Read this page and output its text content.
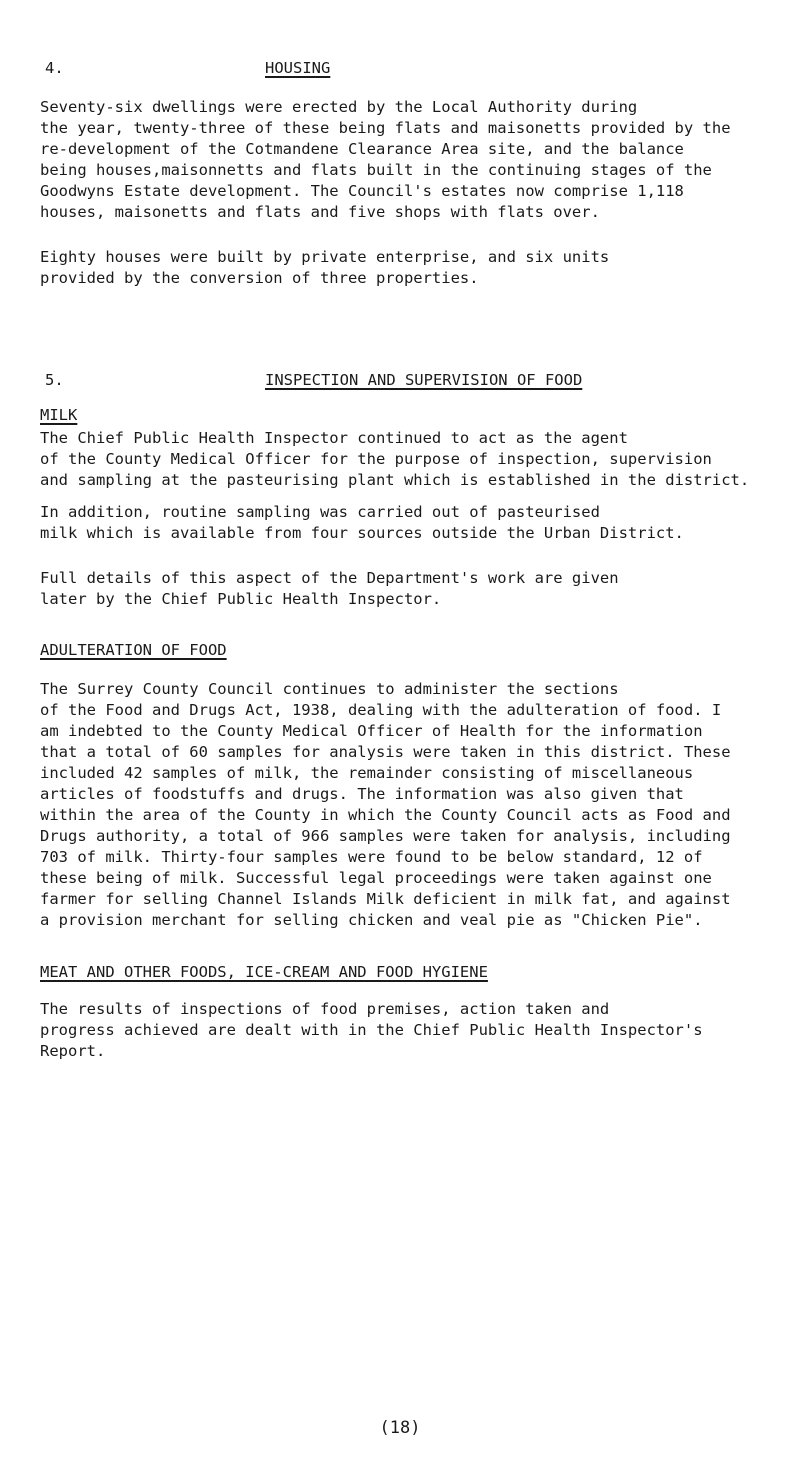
4.	HOUSING

Seventy-six dwellings were erected by the Local Authority during
the year, twenty-three of these being flats and maisonetts provided by the
re-development of the Cotmandene Clearance Area site, and the balance
being houses,maisonnetts and flats built in the continuing stages of the
Goodwyns Estate development. The Council's estates now comprise 1,118
houses, maisonetts and flats and five shops with flats over.

Eighty houses were built by private enterprise, and six units
provided by the conversion of three properties.

5.	INSPECTION AND SUPERVISION OF FOOD
MILK

The Chief Public Health Inspector continued to act as the agent
of the County Medical Officer for the purpose of inspection, supervision
and sampling at the pasteurising plant which is established in the district.

In addition, routine sampling was carried out of pasteurised
milk which is available from four sources outside the Urban District.

Full details of this aspect of the Department's work are given
later by the Chief Public Health Inspector.

ADULTERATION OF FOOD

The Surrey County Council continues to administer the sections
of the Food and Drugs Act, 1938, dealing with the adulteration of food. I
am indebted to the County Medical Officer of Health for the information
that a total of 60 samples for analysis were taken in this district. These
included 42 samples of milk, the remainder consisting of miscellaneous
articles of foodstuffs and drugs. The information was also given that
within the area of the County in which the County Council acts as Food and
Drugs authority, a total of 966 samples were taken for analysis, including
703 of milk. Thirty-four samples were found to be below standard, 12 of
these being of milk. Successful legal proceedings were taken against one
farmer for selling Channel Islands Milk deficient in milk fat, and against
a provision merchant for selling chicken and veal pie as "Chicken Pie".

MEAT AND OTHER FOODS, ICE-CREAM AND FOOD HYGIENE

The results of inspections of food premises, action taken and
progress achieved are dealt with in the Chief Public Health Inspector's
Report.

(18)
